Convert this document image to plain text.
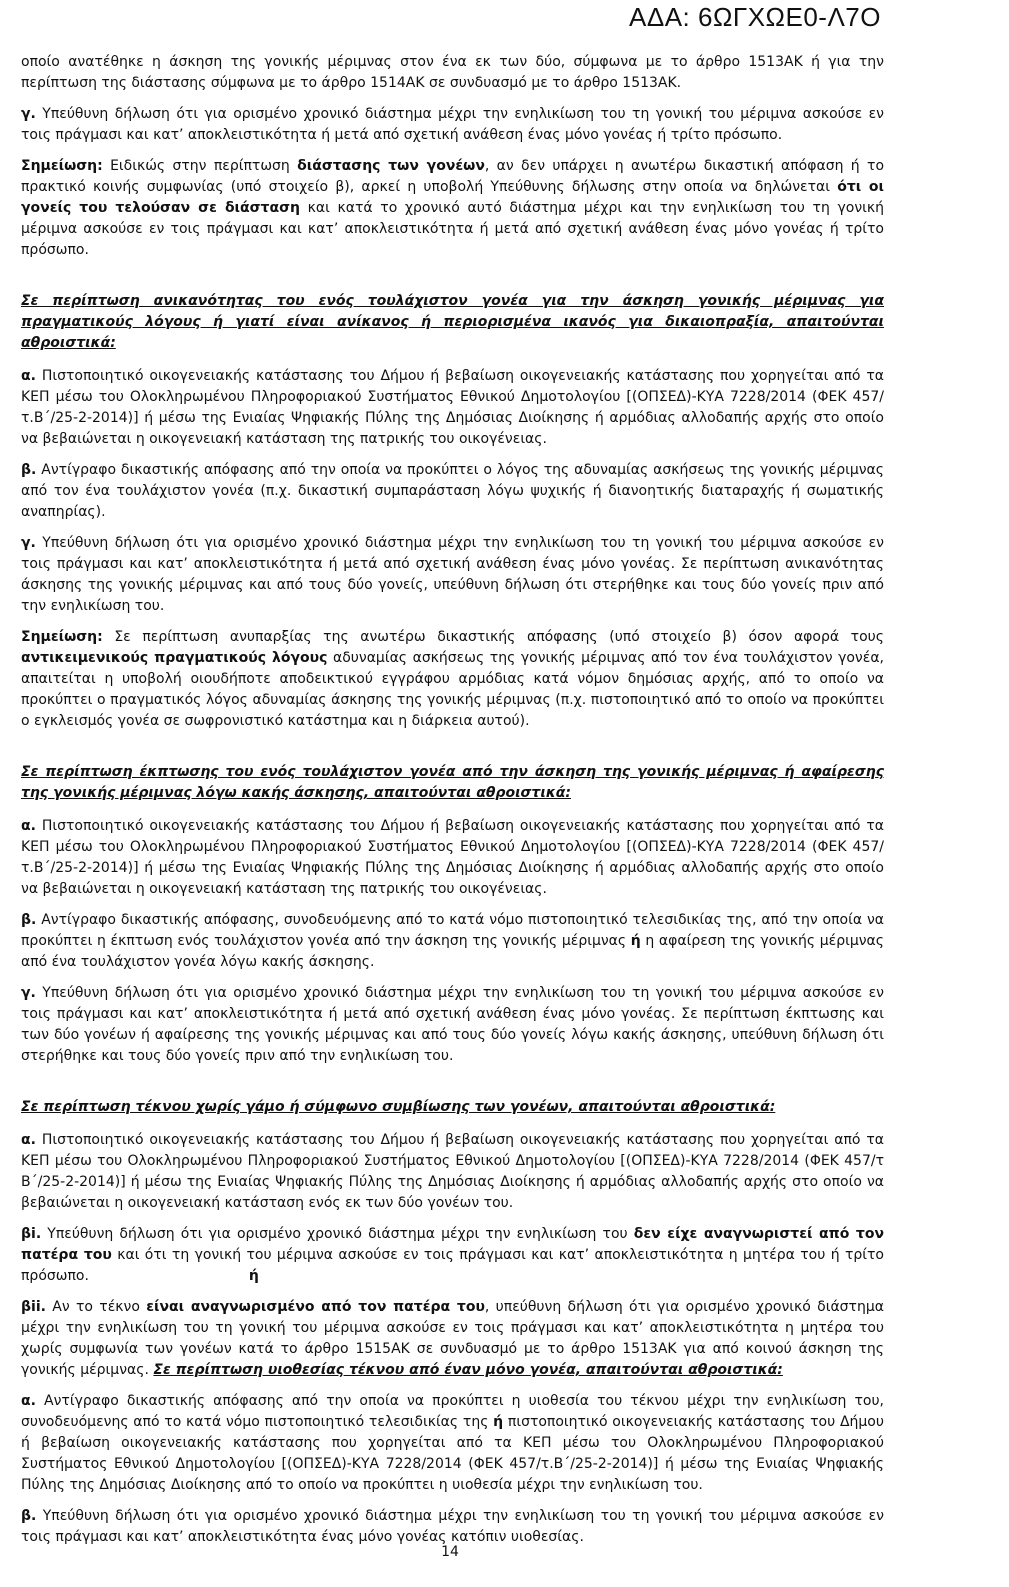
ΑΔΑ: 6ΩΓΧΩΕ0-Λ7Ο

οποίο ανατέθηκε η άσκηση της γονικής μέριμνας στον ένα εκ των δύο, σύμφωνα με το άρθρο 1513ΑΚ ή για την περίπτωση της διάστασης σύμφωνα με το άρθρο 1514ΑΚ σε συνδυασμό με το άρθρο 1513ΑΚ.

γ. Υπεύθυνη δήλωση ότι για ορισμένο χρονικό διάστημα μέχρι την ενηλικίωση του τη γονική του μέριμνα ασκούσε εν τοις πράγμασι και κατ’ αποκλειστικότητα ή μετά από σχετική ανάθεση ένας μόνο γονέας ή τρίτο πρόσωπο.

Σημείωση: Ειδικώς στην περίπτωση διάστασης των γονέων, αν δεν υπάρχει η ανωτέρω δικαστική απόφαση ή το πρακτικό κοινής συμφωνίας (υπό στοιχείο β), αρκεί η υποβολή Υπεύθυνης δήλωσης στην οποία να δηλώνεται ότι οι γονείς του τελούσαν σε διάσταση και κατά το χρονικό αυτό διάστημα μέχρι και την ενηλικίωση του τη γονική μέριμνα ασκούσε εν τοις πράγμασι και κατ’ αποκλειστικότητα ή μετά από σχετική ανάθεση ένας μόνο γονέας ή τρίτο πρόσωπο.

Σε περίπτωση ανικανότητας του ενός τουλάχιστον γονέα για την άσκηση γονικής μέριμνας για πραγματικούς λόγους ή γιατί είναι ανίκανος ή περιορισμένα ικανός για δικαιοπραξία, απαιτούνται αθροιστικά:

α. Πιστοποιητικό οικογενειακής κατάστασης του Δήμου ή βεβαίωση οικογενειακής κατάστασης που χορηγείται από τα ΚΕΠ μέσω του Ολοκληρωμένου Πληροφοριακού Συστήματος Εθνικού Δημοτολογίου [(ΟΠΣΕΔ)-ΚΥΑ 7228/2014 (ΦΕΚ 457/τ.Β΄/25-2-2014)] ή μέσω της Ενιαίας Ψηφιακής Πύλης της Δημόσιας Διοίκησης ή αρμόδιας αλλοδαπής αρχής στο οποίο να βεβαιώνεται η οικογενειακή κατάσταση της πατρικής του οικογένειας.

β. Αντίγραφο δικαστικής απόφασης από την οποία να προκύπτει ο λόγος της αδυναμίας ασκήσεως της γονικής μέριμνας από τον ένα τουλάχιστον γονέα (π.χ. δικαστική συμπαράσταση λόγω ψυχικής ή διανοητικής διαταραχής ή σωματικής αναπηρίας).

γ. Υπεύθυνη δήλωση ότι για ορισμένο χρονικό διάστημα μέχρι την ενηλικίωση του τη γονική του μέριμνα ασκούσε εν τοις πράγμασι και κατ’ αποκλειστικότητα ή μετά από σχετική ανάθεση ένας μόνο γονέας. Σε περίπτωση ανικανότητας άσκησης της γονικής μέριμνας και από τους δύο γονείς, υπεύθυνη δήλωση ότι στερήθηκε και τους δύο γονείς πριν από την ενηλικίωση του.

Σημείωση: Σε περίπτωση ανυπαρξίας της ανωτέρω δικαστικής απόφασης (υπό στοιχείο β) όσον αφορά τους αντικειμενικούς πραγματικούς λόγους αδυναμίας ασκήσεως της γονικής μέριμνας από τον ένα τουλάχιστον γονέα, απαιτείται η υποβολή οιουδήποτε αποδεικτικού εγγράφου αρμόδιας κατά νόμον δημόσιας αρχής, από το οποίο να προκύπτει ο πραγματικός λόγος αδυναμίας άσκησης της γονικής μέριμνας (π.χ. πιστοποιητικό από το οποίο να προκύπτει ο εγκλεισμός γονέα σε σωφρονιστικό κατάστημα και η διάρκεια αυτού).

Σε περίπτωση έκπτωσης του ενός τουλάχιστον γονέα από την άσκηση της γονικής μέριμνας ή αφαίρεσης της γονικής μέριμνας λόγω κακής άσκησης, απαιτούνται αθροιστικά:

α. Πιστοποιητικό οικογενειακής κατάστασης του Δήμου ή βεβαίωση οικογενειακής κατάστασης που χορηγείται από τα ΚΕΠ μέσω του Ολοκληρωμένου Πληροφοριακού Συστήματος Εθνικού Δημοτολογίου [(ΟΠΣΕΔ)-ΚΥΑ 7228/2014 (ΦΕΚ 457/τ.Β΄/25-2-2014)] ή μέσω της Ενιαίας Ψηφιακής Πύλης της Δημόσιας Διοίκησης ή αρμόδιας αλλοδαπής αρχής στο οποίο να βεβαιώνεται η οικογενειακή κατάσταση της πατρικής του οικογένειας.

β. Αντίγραφο δικαστικής απόφασης, συνοδευόμενης από το κατά νόμο πιστοποιητικό τελεσιδικίας της, από την οποία να προκύπτει η έκπτωση ενός τουλάχιστον γονέα από την άσκηση της γονικής μέριμνας ή η αφαίρεση της γονικής μέριμνας από ένα τουλάχιστον γονέα λόγω κακής άσκησης.

γ. Υπεύθυνη δήλωση ότι για ορισμένο χρονικό διάστημα μέχρι την ενηλικίωση του τη γονική του μέριμνα ασκούσε εν τοις πράγμασι και κατ’ αποκλειστικότητα ή μετά από σχετική ανάθεση ένας μόνο γονέας. Σε περίπτωση έκπτωσης και των δύο γονέων ή αφαίρεσης της γονικής μέριμνας και από τους δύο γονείς λόγω κακής άσκησης, υπεύθυνη δήλωση ότι στερήθηκε και τους δύο γονείς πριν από την ενηλικίωση του.

Σε περίπτωση τέκνου χωρίς γάμο ή σύμφωνο συμβίωσης των γονέων, απαιτούνται αθροιστικά:

α. Πιστοποιητικό οικογενειακής κατάστασης του Δήμου ή βεβαίωση οικογενειακής κατάστασης που χορηγείται από τα ΚΕΠ μέσω του Ολοκληρωμένου Πληροφοριακού Συστήματος Εθνικού Δημοτολογίου [(ΟΠΣΕΔ)-ΚΥΑ 7228/2014 (ΦΕΚ 457/τ Β΄/25-2-2014)] ή μέσω της Ενιαίας Ψηφιακής Πύλης της Δημόσιας Διοίκησης ή αρμόδιας αλλοδαπής αρχής στο οποίο να βεβαιώνεται η οικογενειακή κατάσταση ενός εκ των δύο γονέων του.

βi. Υπεύθυνη δήλωση ότι για ορισμένο χρονικό διάστημα μέχρι την ενηλικίωση του δεν είχε αναγνωριστεί από τον πατέρα του και ότι τη γονική του μέριμνα ασκούσε εν τοις πράγμασι και κατ’ αποκλειστικότητα η μητέρα του ή τρίτο πρόσωπο.	ή

βii. Αν το τέκνο είναι αναγνωρισμένο από τον πατέρα του, υπεύθυνη δήλωση ότι για ορισμένο χρονικό διάστημα μέχρι την ενηλικίωση του τη γονική του μέριμνα ασκούσε εν τοις πράγμασι και κατ’ αποκλειστικότητα η μητέρα του χωρίς συμφωνία των γονέων κατά το άρθρο 1515ΑΚ σε συνδυασμό με το άρθρο 1513ΑΚ για από κοινού άσκηση της γονικής μέριμνας. Σε περίπτωση υιοθεσίας τέκνου από έναν μόνο γονέα, απαιτούνται αθροιστικά:

α. Αντίγραφο δικαστικής απόφασης από την οποία να προκύπτει η υιοθεσία του τέκνου μέχρι την ενηλικίωση του, συνοδευόμενης από το κατά νόμο πιστοποιητικό τελεσιδικίας της ή πιστοποιητικό οικογενειακής κατάστασης του Δήμου ή βεβαίωση οικογενειακής κατάστασης που χορηγείται από τα ΚΕΠ μέσω του Ολοκληρωμένου Πληροφοριακού Συστήματος Εθνικού Δημοτολογίου [(ΟΠΣΕΔ)-ΚΥΑ 7228/2014 (ΦΕΚ 457/τ.Β΄/25-2-2014)] ή μέσω της Ενιαίας Ψηφιακής Πύλης της Δημόσιας Διοίκησης από το οποίο να προκύπτει η υιοθεσία μέχρι την ενηλικίωση του.

β. Υπεύθυνη δήλωση ότι για ορισμένο χρονικό διάστημα μέχρι την ενηλικίωση του τη γονική του μέριμνα ασκούσε εν τοις πράγμασι και κατ’ αποκλειστικότητα ένας μόνο γονέας κατόπιν υιοθεσίας.

14
